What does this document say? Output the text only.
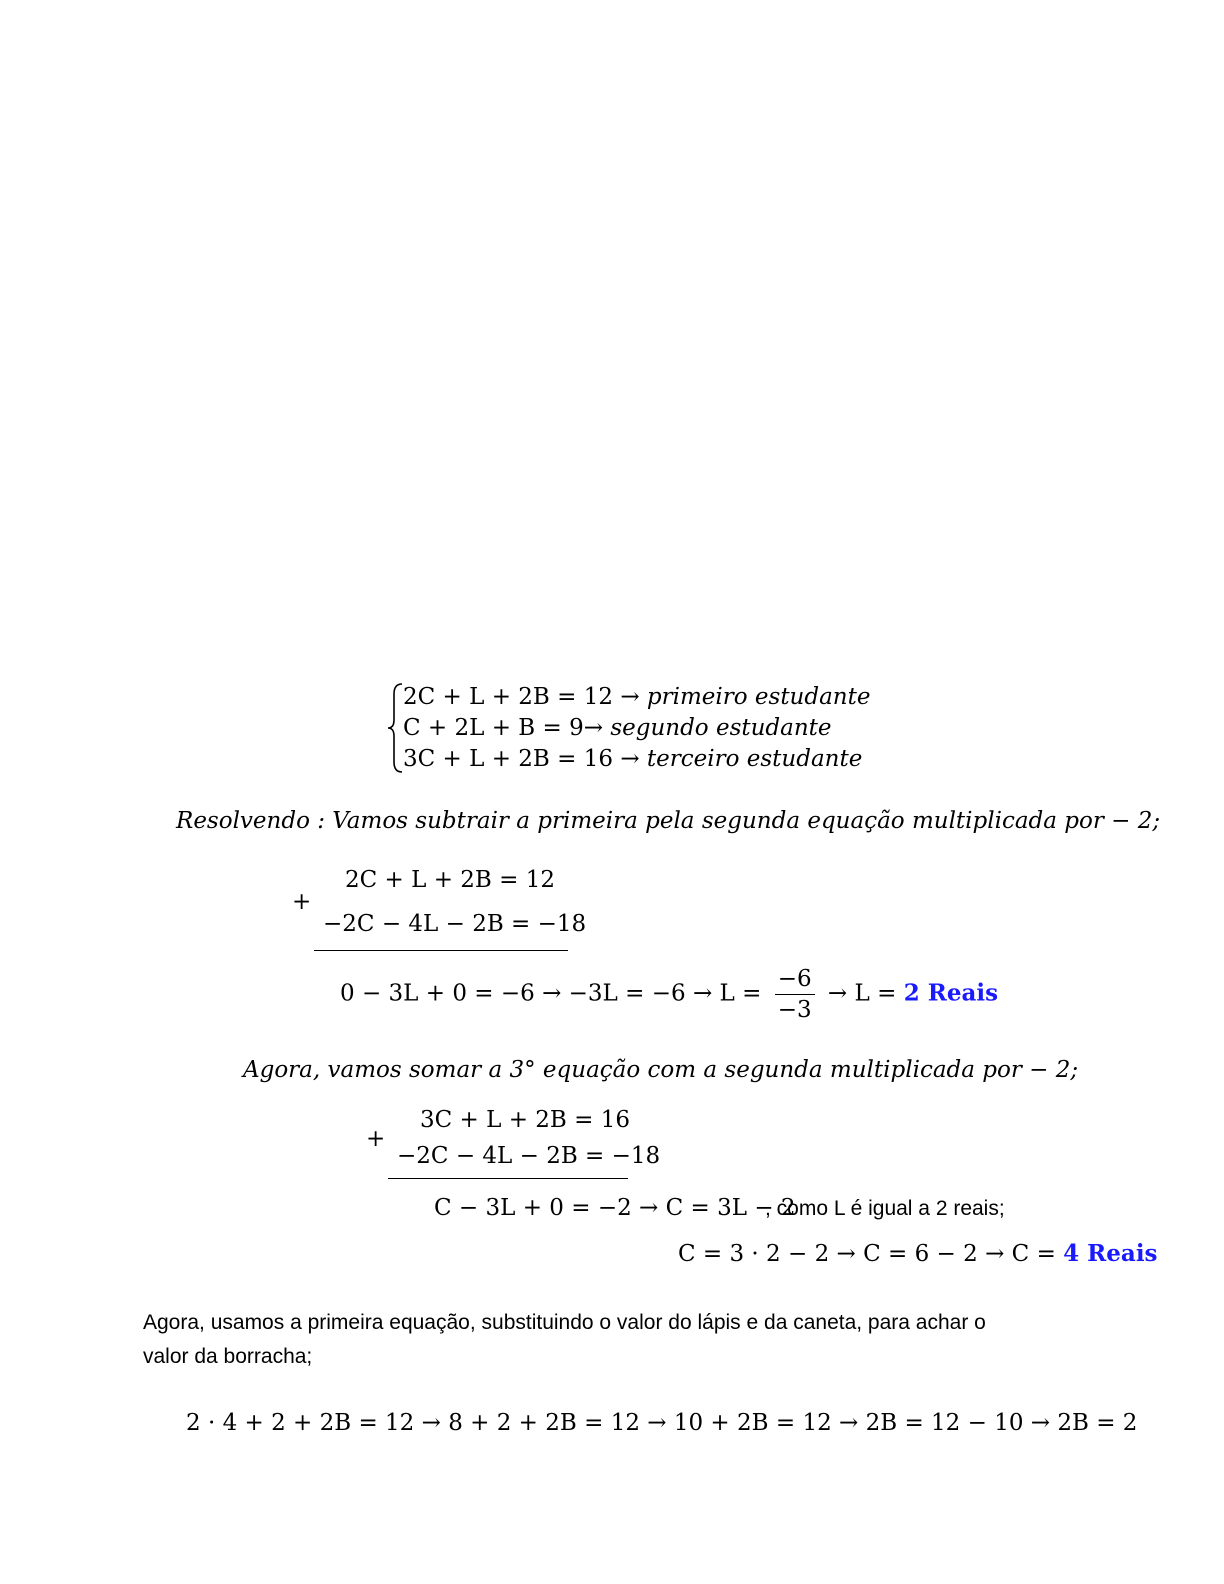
2C + L + 2B = 12 → primeiro estudante
C + 2L + B = 9→ segundo estudante
3C + L + 2B = 16 → terceiro estudante
Resolvendo : Vamos subtrair a primeira pela segunda equação multiplicada por − 2;
+
2C + L + 2B = 12
−2C − 4L − 2B = −18
$0 - 3L + 0 = -6 \to -3L = -6 \to L = \frac{-6}{-3} \to L = 2$ Reais
Agora, vamos somar a 3° equação com a segunda multiplicada por − 2;
+
3C + L + 2B = 16
−2C − 4L − 2B = −18
C − 3L + 0 = −2 → C = 3L − 2
, como L é igual a 2 reais;
C = 3 · 2 − 2 → C = 6 − 2 → C = 4 Reais
Agora, usamos a primeira equação, substituindo o valor do lápis e da caneta, para achar o
valor da borracha;
2 · 4 + 2 + 2B = 12 → 8 + 2 + 2B = 12 → 10 + 2B = 12 → 2B = 12 − 10 → 2B = 2
